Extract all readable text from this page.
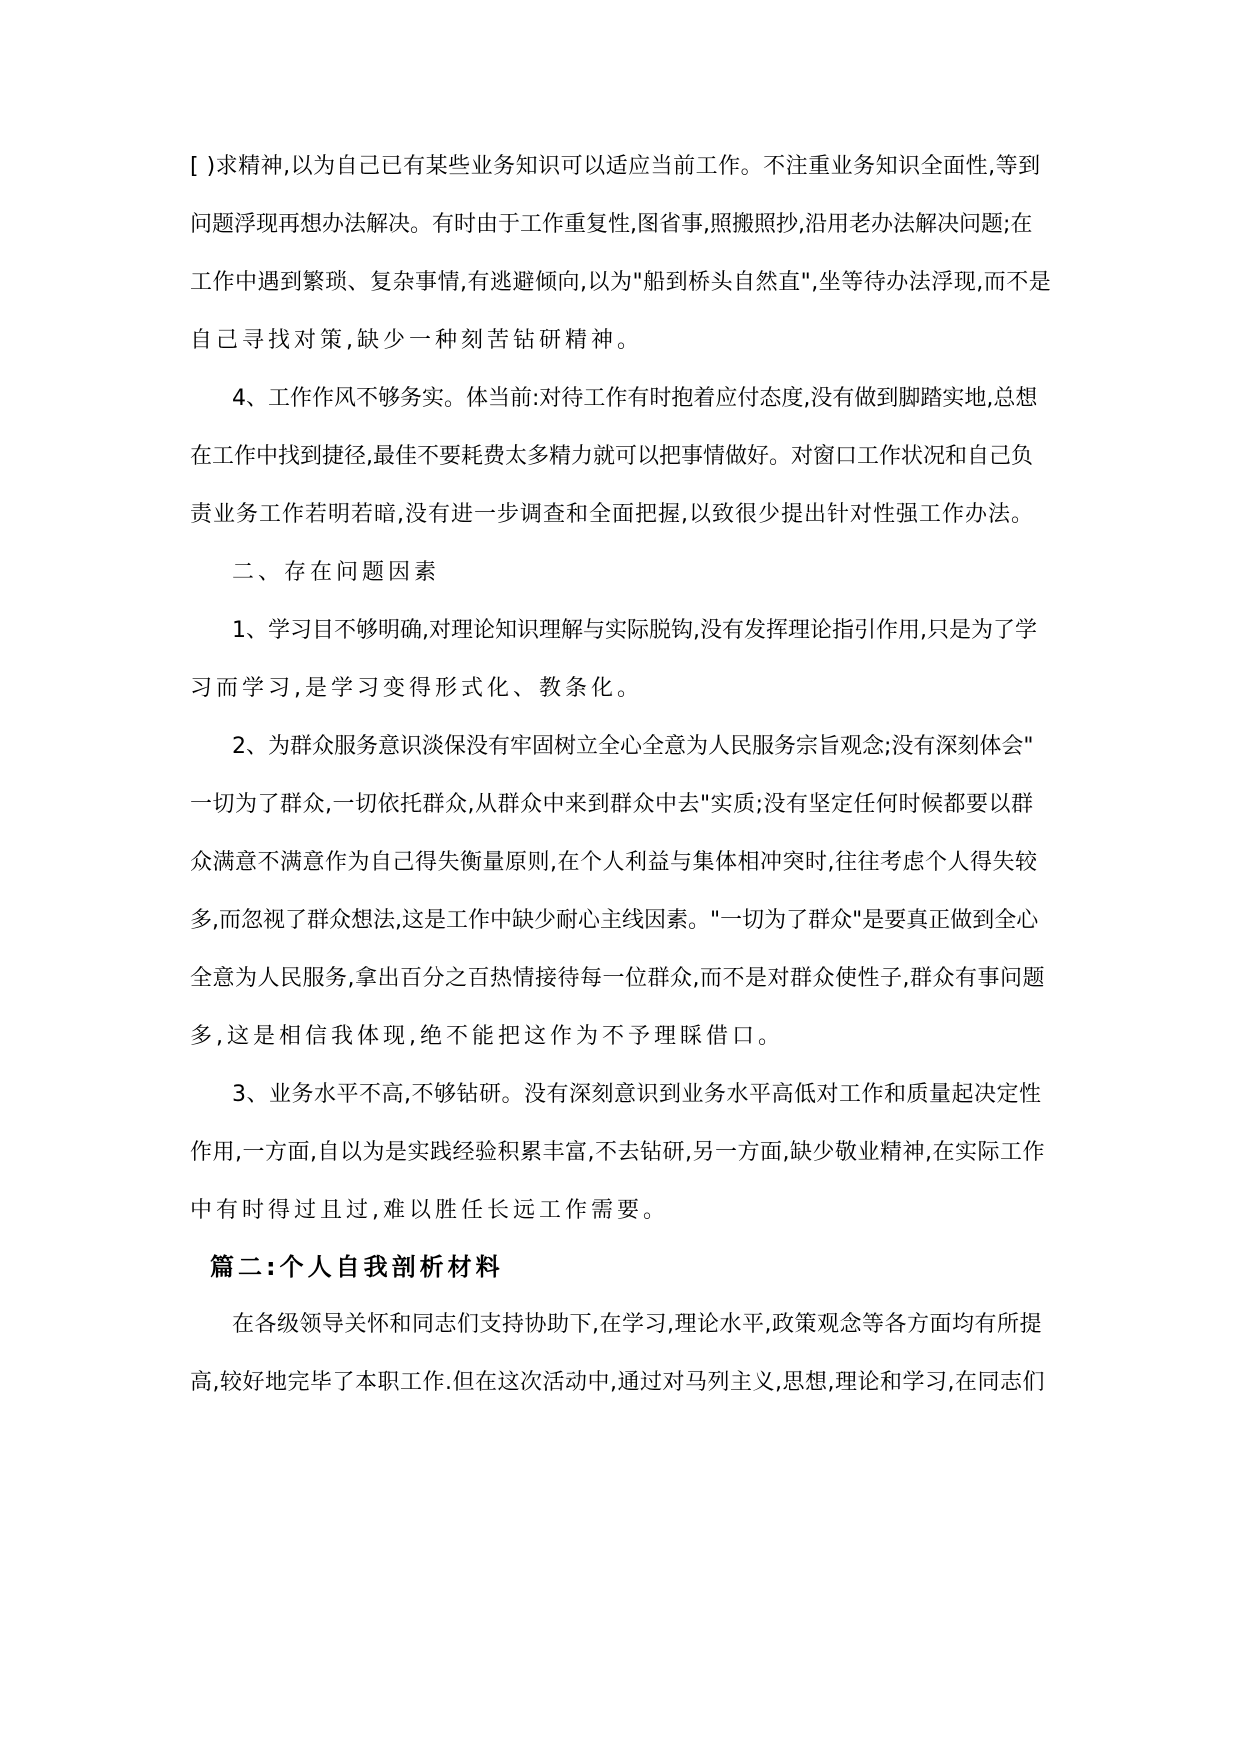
[ )求精神,以为自己已有某些业务知识可以适应当前工作。不注重业务知识全面性,等到
问题浮现再想办法解决。有时由于工作重复性,图省事,照搬照抄,沿用老办法解决问题;在
工作中遇到繁琐、复杂事情,有逃避倾向,以为"船到桥头自然直",坐等待办法浮现,而不是
自己寻找对策,缺少一种刻苦钻研精神。
4、工作作风不够务实。体当前:对待工作有时抱着应付态度,没有做到脚踏实地,总想
在工作中找到捷径,最佳不要耗费太多精力就可以把事情做好。对窗口工作状况和自己负
责业务工作若明若暗,没有进一步调查和全面把握,以致很少提出针对性强工作办法。
二、存在问题因素
1、学习目不够明确,对理论知识理解与实际脱钩,没有发挥理论指引作用,只是为了学
习而学习,是学习变得形式化、教条化。
2、为群众服务意识淡保没有牢固树立全心全意为人民服务宗旨观念;没有深刻体会"
一切为了群众,一切依托群众,从群众中来到群众中去"实质;没有坚定任何时候都要以群
众满意不满意作为自己得失衡量原则,在个人利益与集体相冲突时,往往考虑个人得失较
多,而忽视了群众想法,这是工作中缺少耐心主线因素。"一切为了群众"是要真正做到全心
全意为人民服务,拿出百分之百热情接待每一位群众,而不是对群众使性子,群众有事问题
多,这是相信我体现,绝不能把这作为不予理睬借口。
3、业务水平不高,不够钻研。没有深刻意识到业务水平高低对工作和质量起决定性
作用,一方面,自以为是实践经验积累丰富,不去钻研,另一方面,缺少敬业精神,在实际工作
中有时得过且过,难以胜任长远工作需要。
篇二:个人自我剖析材料
在各级领导关怀和同志们支持协助下,在学习,理论水平,政策观念等各方面均有所提
高,较好地完毕了本职工作.但在这次活动中,通过对马列主义,思想,理论和学习,在同志们
